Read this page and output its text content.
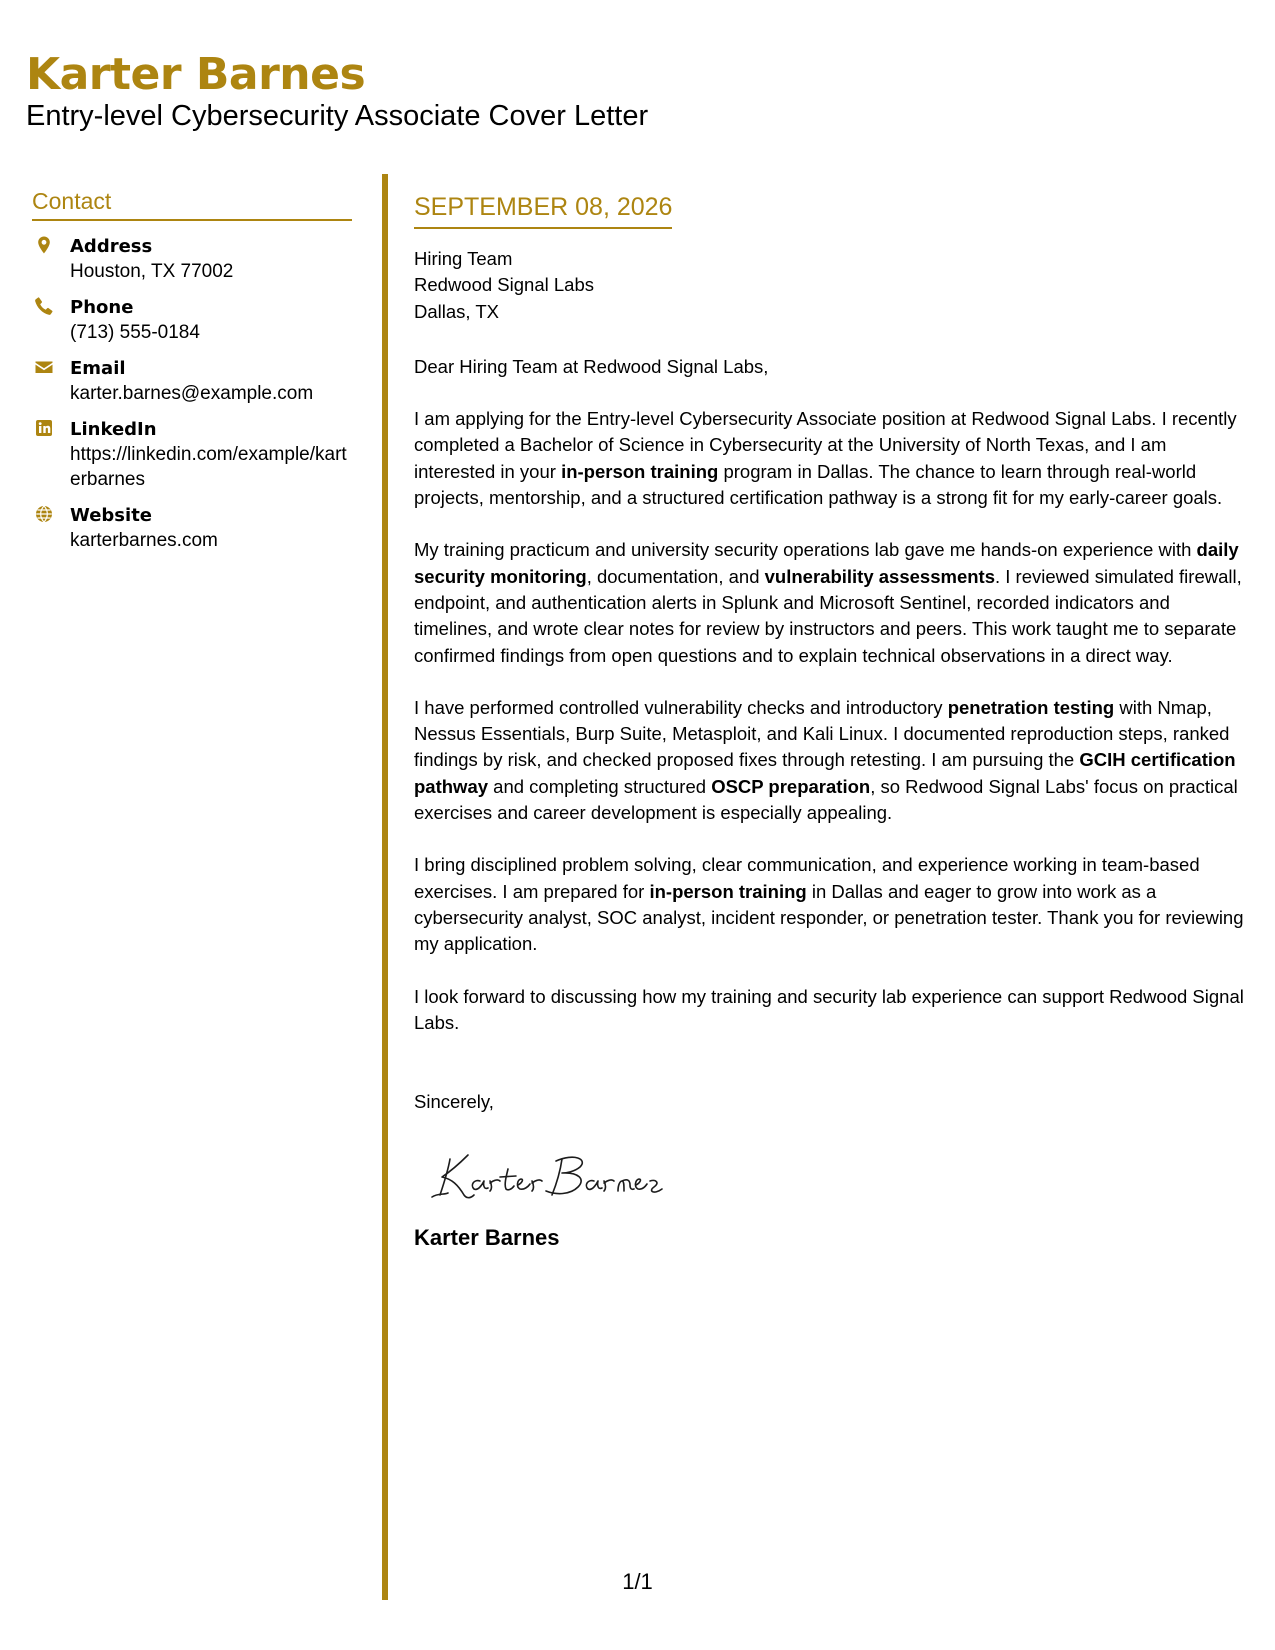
Karter Barnes
Entry-level Cybersecurity Associate Cover Letter
Contact
Address
Houston, TX 77002
Phone
(713) 555-0184
Email
karter.barnes@example.com
LinkedIn
https://linkedin.com/example/karterbarnes
Website
karterbarnes.com
SEPTEMBER 08, 2026
Hiring Team
Redwood Signal Labs
Dallas, TX
Dear Hiring Team at Redwood Signal Labs,
I am applying for the Entry-level Cybersecurity Associate position at Redwood Signal Labs. I recently completed a Bachelor of Science in Cybersecurity at the University of North Texas, and I am interested in your in-person training program in Dallas. The chance to learn through real-world projects, mentorship, and a structured certification pathway is a strong fit for my early-career goals.
My training practicum and university security operations lab gave me hands-on experience with daily security monitoring, documentation, and vulnerability assessments. I reviewed simulated firewall, endpoint, and authentication alerts in Splunk and Microsoft Sentinel, recorded indicators and timelines, and wrote clear notes for review by instructors and peers. This work taught me to separate confirmed findings from open questions and to explain technical observations in a direct way.
I have performed controlled vulnerability checks and introductory penetration testing with Nmap, Nessus Essentials, Burp Suite, Metasploit, and Kali Linux. I documented reproduction steps, ranked findings by risk, and checked proposed fixes through retesting. I am pursuing the GCIH certification pathway and completing structured OSCP preparation, so Redwood Signal Labs' focus on practical exercises and career development is especially appealing.
I bring disciplined problem solving, clear communication, and experience working in team-based exercises. I am prepared for in-person training in Dallas and eager to grow into work as a cybersecurity analyst, SOC analyst, incident responder, or penetration tester. Thank you for reviewing my application.
I look forward to discussing how my training and security lab experience can support Redwood Signal Labs.
Sincerely,
Karter Barnes
1/1
